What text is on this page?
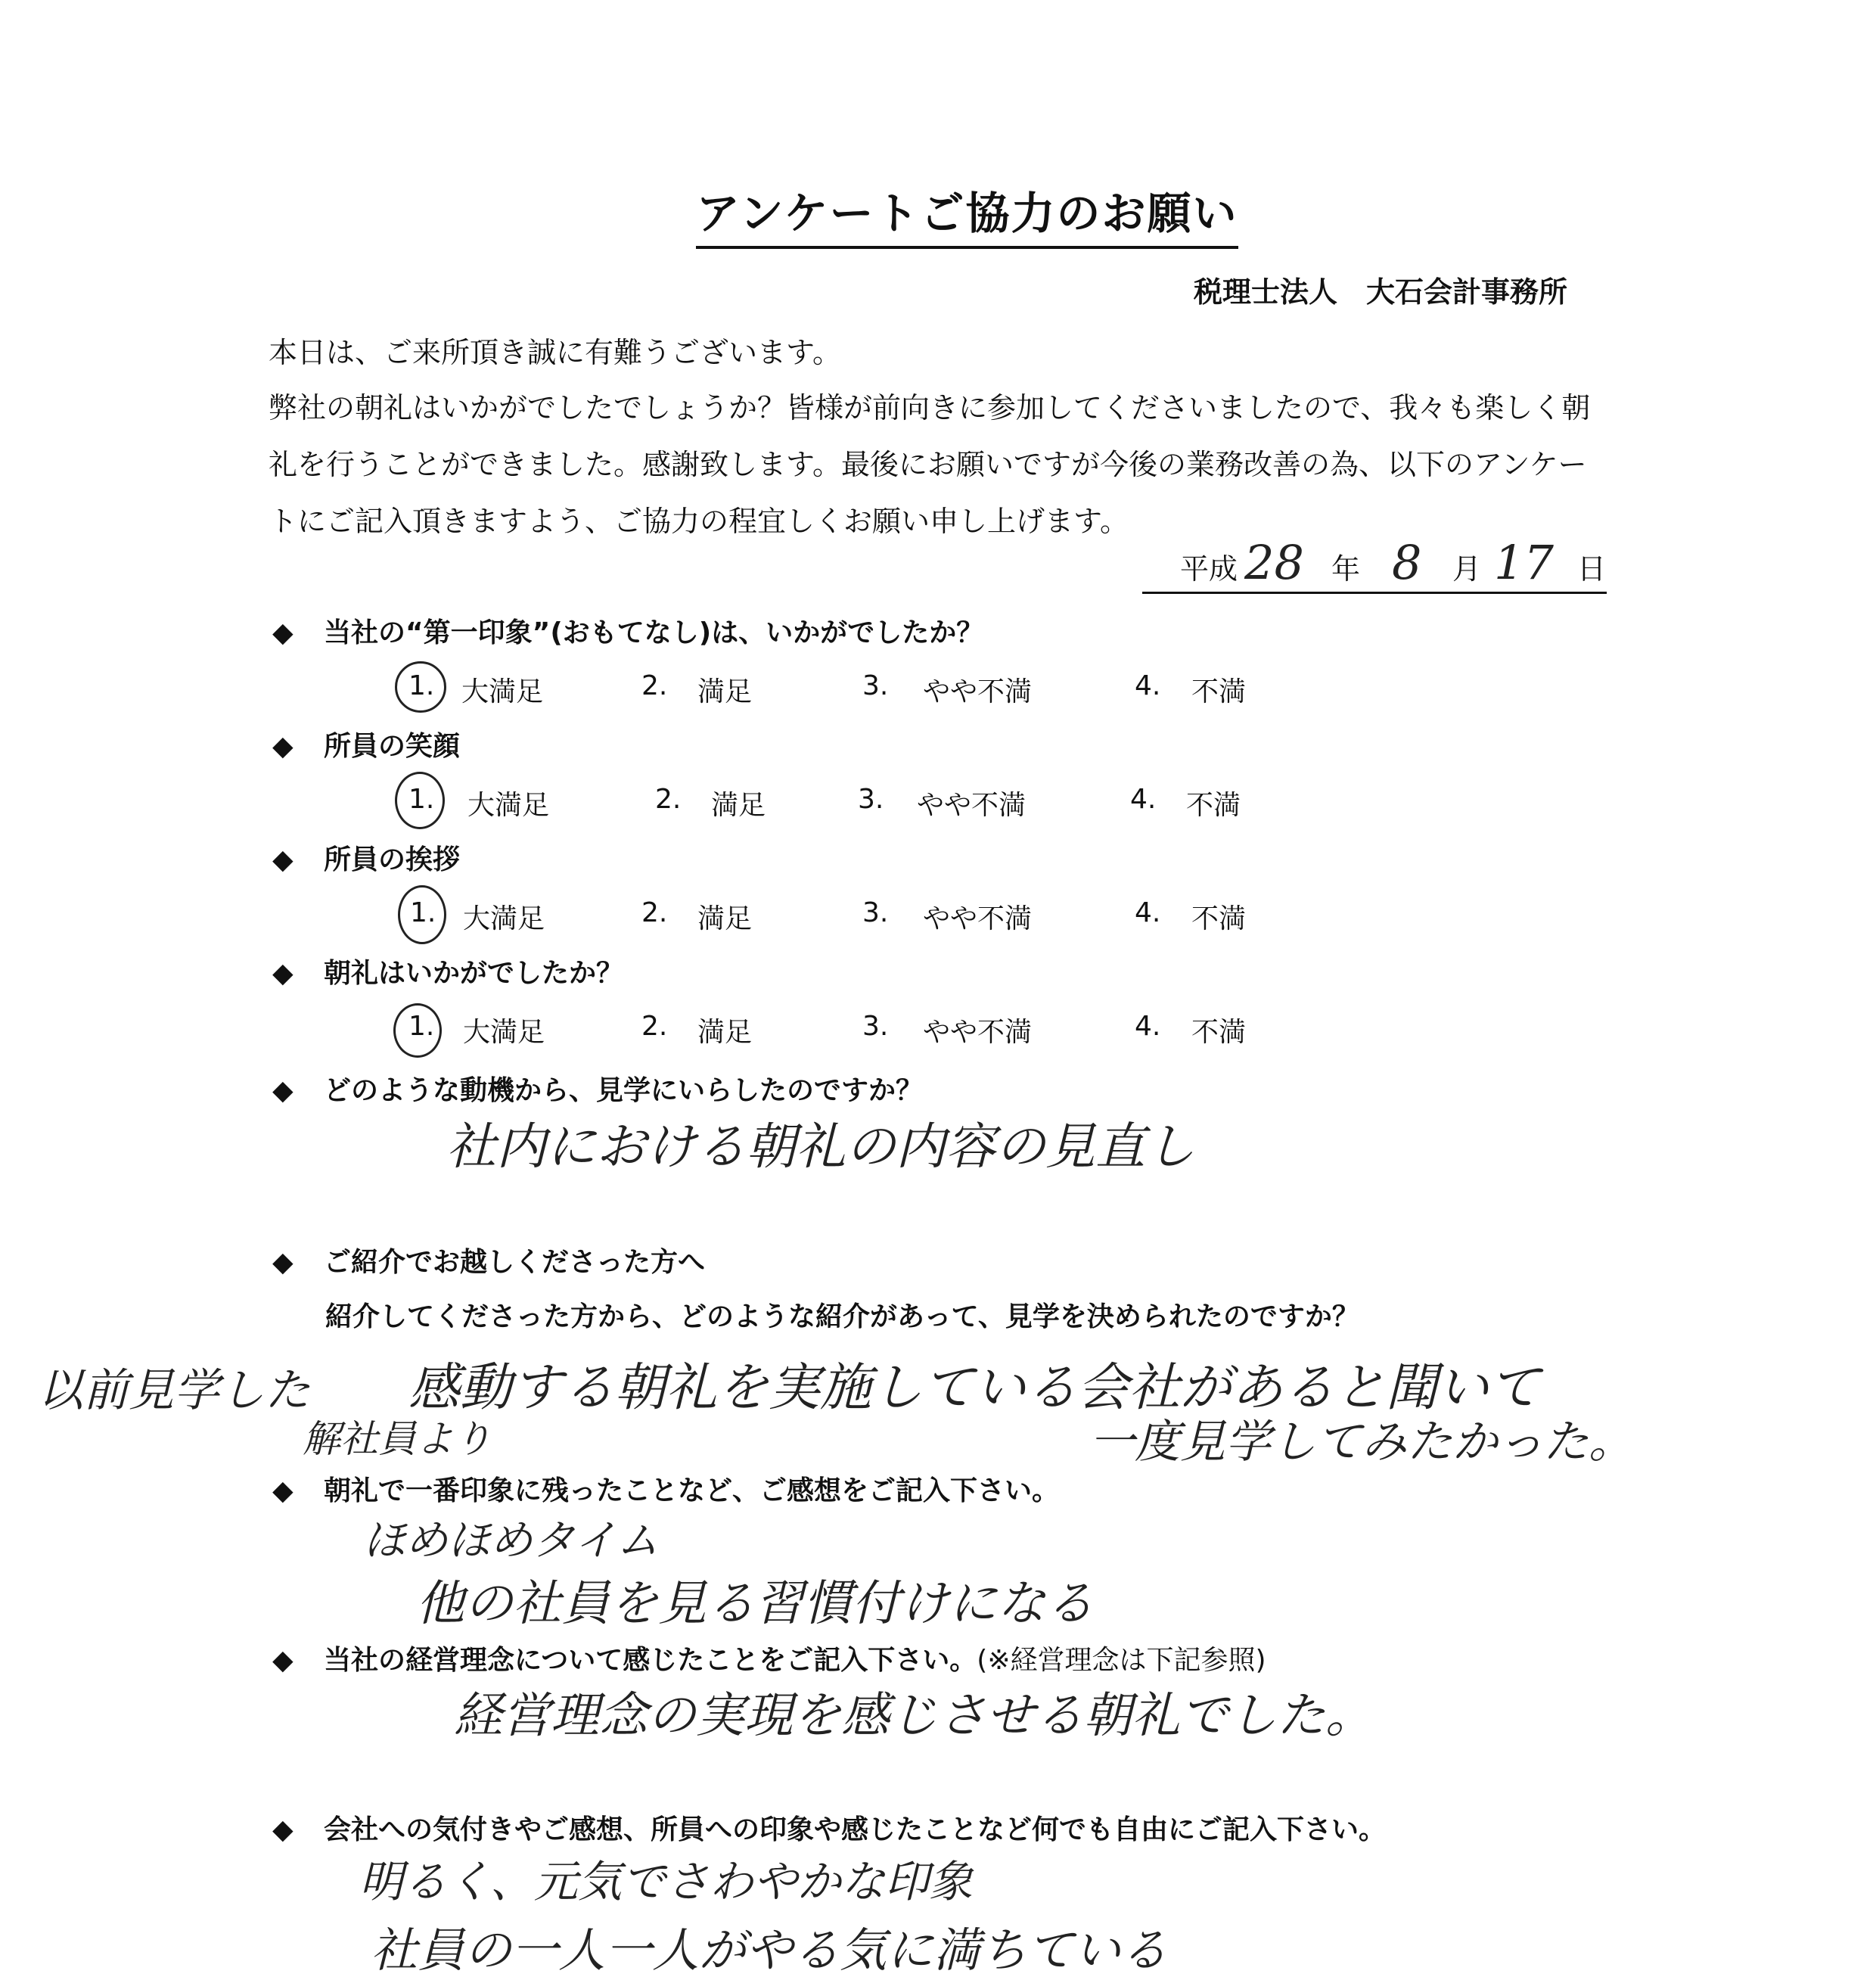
アンケートご協力のお願い
税理士法人　大石会計事務所
本日は、ご来所頂き誠に有難うございます。
弊社の朝礼はいかがでしたでしょうか？皆様が前向きに参加してくださいましたので、我々も楽しく朝
礼を行うことができました。感謝致します。最後にお願いですが今後の業務改善の為、以下のアンケー
トにご記入頂きますよう、ご協力の程宜しくお願い申し上げます。
平成 28 年 8 月 17 日
◆ 当社の“第一印象”(おもてなし)は、いかがでしたか？
1. 大満足	2. 満足	3. やや不満	4. 不満
◆ 所員の笑顔
1. 大満足	2. 満足	3. やや不満	4. 不満
◆ 所員の挨拶
1. 大満足	2. 満足	3. やや不満	4. 不満
◆ 朝礼はいかがでしたか？
1. 大満足	2. 満足	3. やや不満	4. 不満
◆ どのような動機から、見学にいらしたのですか？
社内における朝礼の内容の見直し
◆ ご紹介でお越しくださった方へ
紹介してくださった方から、どのような紹介があって、見学を決められたのですか？
以前見学した 感動する朝礼を実施している会社があると聞いて
解社員より	一度見学してみたかった。
◆ 朝礼で一番印象に残ったことなど、ご感想をご記入下さい。
ほめほめタイム
他の社員を見る習慣付けになる
◆ 当社の経営理念について感じたことをご記入下さい。(※経営理念は下記参照)
経営理念の実現を感じさせる朝礼でした。
◆ 会社への気付きやご感想、所員への印象や感じたことなど何でも自由にご記入下さい。
明るく、元気でさわやかな印象
社員の一人一人がやる気に満ちている
